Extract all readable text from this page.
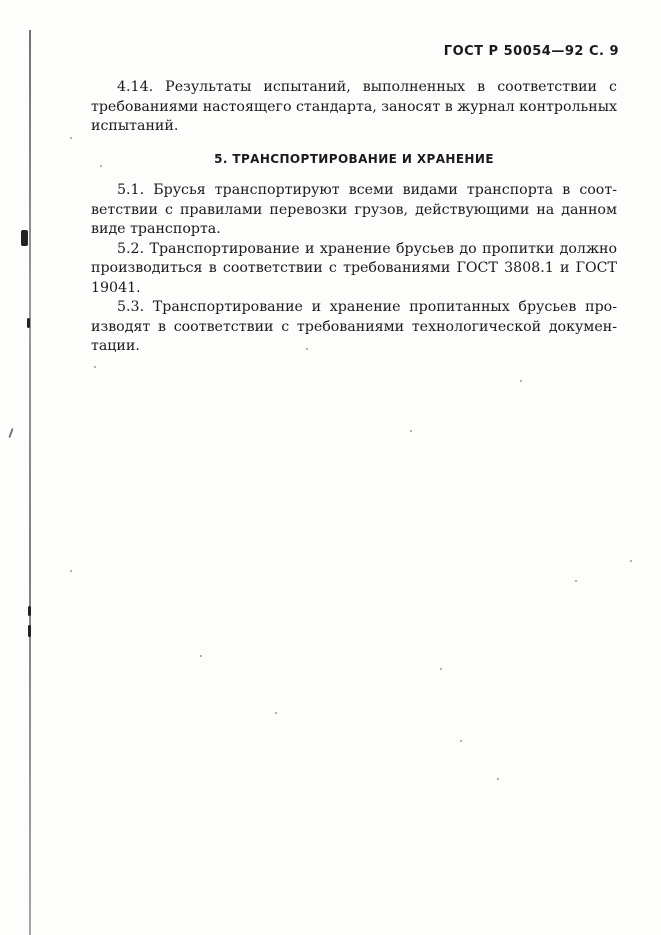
ГОСТ Р 50054—92 С. 9

4.14. Результаты испытаний, выполненных в соответствии с требованиями настоящего стандарта, заносят в журнал контрольных испытаний.

5. ТРАНСПОРТИРОВАНИЕ И ХРАНЕНИЕ

5.1. Брусья транспортируют всеми видами транспорта в соответствии с правилами перевозки грузов, действующими на данном виде транспорта.

5.2. Транспортирование и хранение брусьев до пропитки должно производиться в соответствии с требованиями ГОСТ 3808.1 и ГОСТ 19041.

5.3. Транспортирование и хранение пропитанных брусьев производят в соответствии с требованиями технологической документации.
